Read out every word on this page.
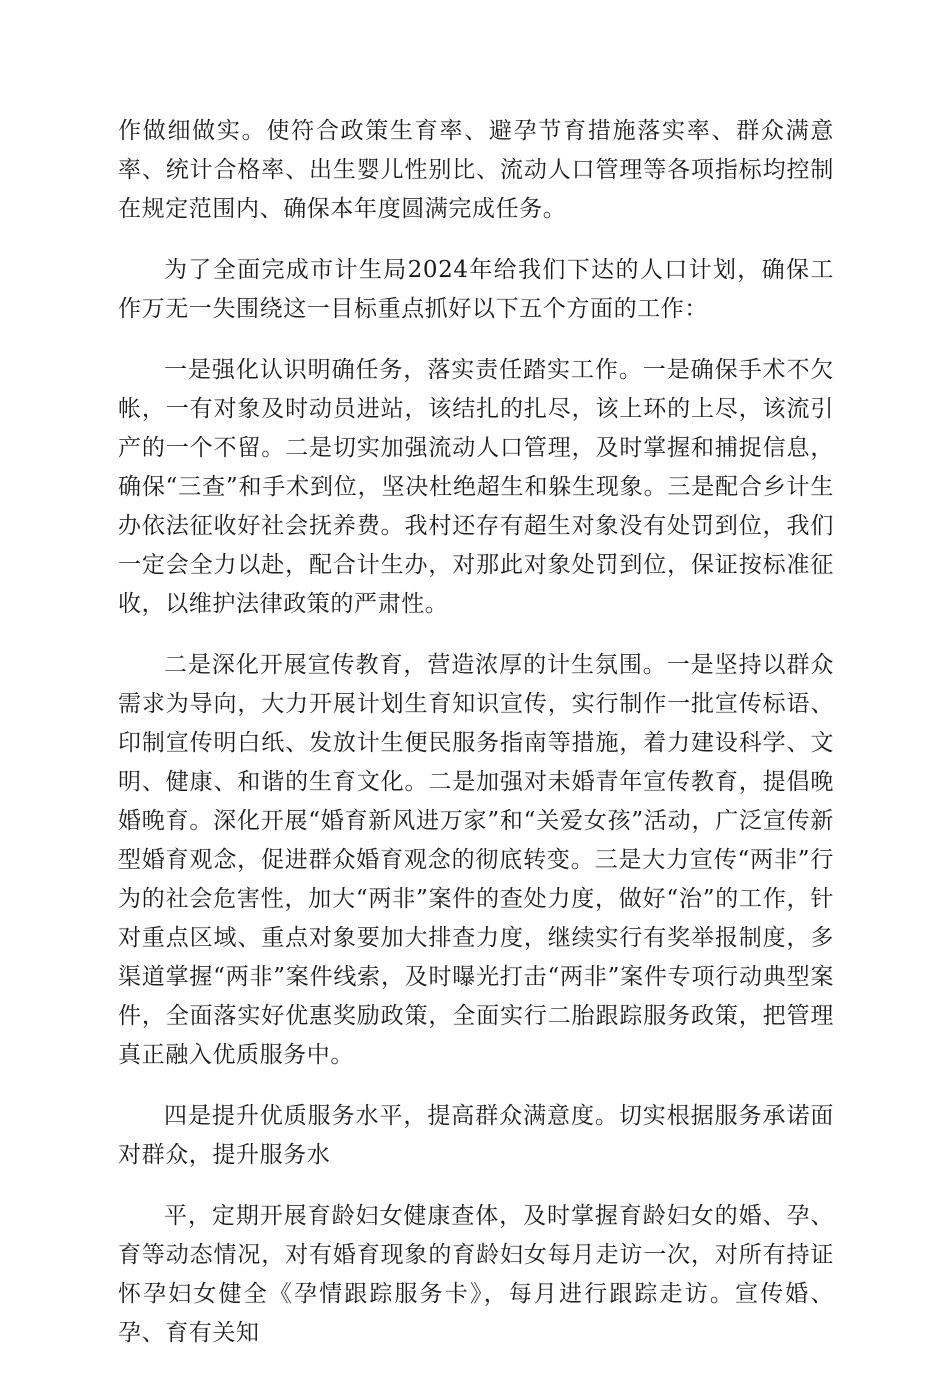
作做细做实。使符合政策生育率、避孕节育措施落实率、群众满意率、统计合格率、出生婴儿性别比、流动人口管理等各项指标均控制在规定范围内、确保本年度圆满完成任务。

为了全面完成市计生局2024年给我们下达的人口计划，确保工作万无一失围绕这一目标重点抓好以下五个方面的工作：

一是强化认识明确任务，落实责任踏实工作。一是确保手术不欠帐，一有对象及时动员进站，该结扎的扎尽，该上环的上尽，该流引产的一个不留。二是切实加强流动人口管理，及时掌握和捕捉信息，确保“三查”和手术到位，坚决杜绝超生和躲生现象。三是配合乡计生办依法征收好社会抚养费。我村还存有超生对象没有处罚到位，我们一定会全力以赴，配合计生办，对那此对象处罚到位，保证按标准征收，以维护法律政策的严肃性。

二是深化开展宣传教育，营造浓厚的计生氛围。一是坚持以群众需求为导向，大力开展计划生育知识宣传，实行制作一批宣传标语、印制宣传明白纸、发放计生便民服务指南等措施，着力建设科学、文明、健康、和谐的生育文化。二是加强对未婚青年宣传教育，提倡晚婚晚育。深化开展“婚育新风进万家”和“关爱女孩”活动，广泛宣传新型婚育观念，促进群众婚育观念的彻底转变。三是大力宣传“两非”行为的社会危害性，加大“两非”案件的查处力度，做好“治”的工作，针对重点区域、重点对象要加大排查力度，继续实行有奖举报制度，多渠道掌握“两非”案件线索，及时曝光打击“两非”案件专项行动典型案件，全面落实好优惠奖励政策，全面实行二胎跟踪服务政策，把管理真正融入优质服务中。

四是提升优质服务水平，提高群众满意度。切实根据服务承诺面对群众，提升服务水

平，定期开展育龄妇女健康查体，及时掌握育龄妇女的婚、孕、育等动态情况，对有婚育现象的育龄妇女每月走访一次，对所有持证怀孕妇女健全《孕情跟踪服务卡》，每月进行跟踪走访。宣传婚、孕、育有关知
